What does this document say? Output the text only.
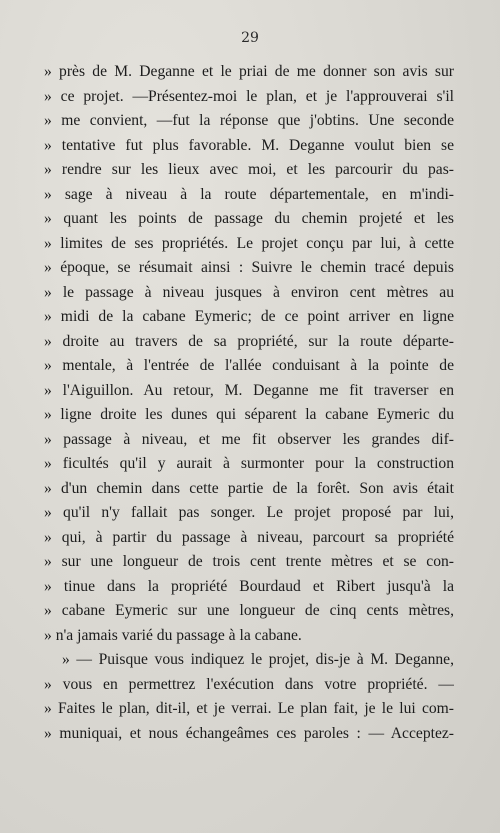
29
» près de M. Deganne et le priai de me donner son avis sur
» ce projet. —Présentez-moi le plan, et je l'approuverai s'il
» me convient, —fut la réponse que j'obtins. Une seconde
» tentative fut plus favorable. M. Deganne voulut bien se
» rendre sur les lieux avec moi, et les parcourir du pas-
» sage à niveau à la route départementale, en m'indi-
» quant les points de passage du chemin projeté et les
» limites de ses propriétés. Le projet conçu par lui, à cette
» époque, se résumait ainsi : Suivre le chemin tracé depuis
» le passage à niveau jusques à environ cent mètres au
» midi de la cabane Eymeric; de ce point arriver en ligne
» droite au travers de sa propriété, sur la route départe-
» mentale, à l'entrée de l'allée conduisant à la pointe de
» l'Aiguillon. Au retour, M. Deganne me fit traverser en
» ligne droite les dunes qui séparent la cabane Eymeric du
» passage à niveau, et me fit observer les grandes dif-
» ficultés qu'il y aurait à surmonter pour la construction
» d'un chemin dans cette partie de la forêt. Son avis était
» qu'il n'y fallait pas songer. Le projet proposé par lui,
» qui, à partir du passage à niveau, parcourt sa propriété
» sur une longueur de trois cent trente mètres et se con-
» tinue dans la propriété Bourdaud et Ribert jusqu'à la
» cabane Eymeric sur une longueur de cinq cents mètres,
» n'a jamais varié du passage à la cabane.
» — Puisque vous indiquez le projet, dis-je à M. Deganne,
» vous en permettrez l'exécution dans votre propriété. —
» Faites le plan, dit-il, et je verrai. Le plan fait, je le lui com-
» muniquai, et nous échangeâmes ces paroles : — Acceptez-
